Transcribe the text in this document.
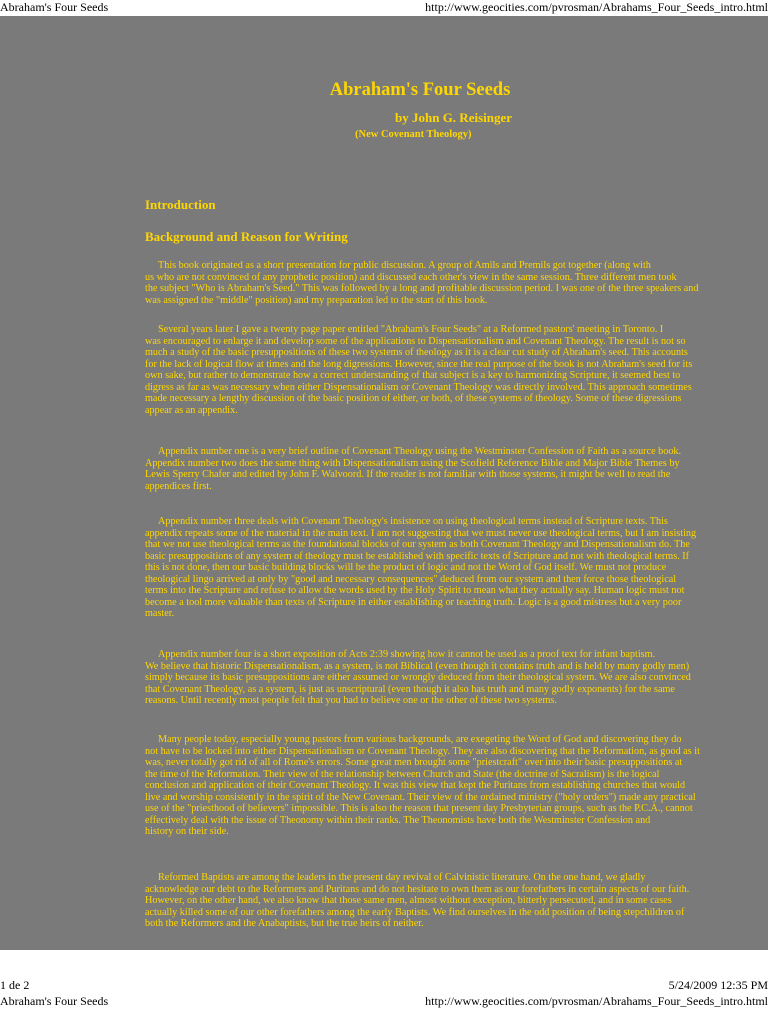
Abraham's Four Seeds	http://www.geocities.com/pvrosman/Abrahams_Four_Seeds_intro.html
Abraham's Four Seeds
by John G. Reisinger
(New Covenant Theology)
Introduction
Background and Reason for Writing
This book originated as a short presentation for public discussion. A group of Amils and Premils got together (along with
us who are not convinced of any prophetic position) and discussed each other's view in the same session. Three different men took
the subject "Who is Abraham's Seed." This was followed by a long and profitable discussion period. I was one of the three speakers and
was assigned the "middle" position) and my preparation led to the start of this book.
Several years later I gave a twenty page paper entitled "Abraham's Four Seeds" at a Reformed pastors' meeting in Toronto. I
was encouraged to enlarge it and develop some of the applications to Dispensationalism and Covenant Theology. The result is not so
much a study of the basic presuppositions of these two systems of theology as it is a clear cut study of Abraham's seed. This accounts
for the lack of logical flow at times and the long digressions. However, since the real purpose of the book is not Abraham's seed for its
own sake, but rather to demonstrate how a correct understanding of that subject is a key to harmonizing Scripture, it seemed best to
digress as far as was necessary when either Dispensationalism or Covenant Theology was directly involved. This approach sometimes
made necessary a lengthy discussion of the basic position of either, or both, of these systems of theology. Some of these digressions
appear as an appendix.
Appendix number one is a very brief outline of Covenant Theology using the Westminster Confession of Faith as a source book.
Appendix number two does the same thing with Dispensationalism using the Scofield Reference Bible and Major Bible Themes by
Lewis Sperry Chafer and edited by John F. Walvoord. If the reader is not familiar with those systems, it might be well to read the
appendices first.
Appendix number three deals with Covenant Theology's insistence on using theological terms instead of Scripture texts. This
appendix repeats some of the material in the main text. I am not suggesting that we must never use theological terms, but I am insisting
that we not use theological terms as the foundational blocks of our system as both Covenant Theology and Dispensationalism do. The
basic presuppositions of any system of theology must be established with specific texts of Scripture and not with theological terms. If
this is not done, then our basic building blocks will be the product of logic and not the Word of God itself. We must not produce
theological lingo arrived at only by "good and necessary consequences" deduced from our system and then force those theological
terms into the Scripture and refuse to allow the words used by the Holy Spirit to mean what they actually say. Human logic must not
become a tool more valuable than texts of Scripture in either establishing or teaching truth. Logic is a good mistress but a very poor
master.
Appendix number four is a short exposition of Acts 2:39 showing how it cannot be used as a proof text for infant baptism.
We believe that historic Dispensationalism, as a system, is not Biblical (even though it contains truth and is held by many godly men)
simply because its basic presuppositions are either assumed or wrongly deduced from their theological system. We are also convinced
that Covenant Theology, as a system, is just as unscriptural (even though it also has truth and many godly exponents) for the same
reasons. Until recently most people felt that you had to believe one or the other of these two systems.
Many people today, especially young pastors from various backgrounds, are exegeting the Word of God and discovering they do
not have to be locked into either Dispensationalism or Covenant Theology. They are also discovering that the Reformation, as good as it
was, never totally got rid of all of Rome's errors. Some great men brought some "priestcraft" over into their basic presuppositions at
the time of the Reformation. Their view of the relationship between Church and State (the doctrine of Sacralism) is the logical
conclusion and application of their Covenant Theology. It was this view that kept the Puritans from establishing churches that would
live and worship consistently in the spirit of the New Covenant. Their view of the ordained ministry ("holy orders") made any practical
use of the "priesthood of believers" impossible. This is also the reason that present day Presbyterian groups, such as the P.C.A., cannot
effectively deal with the issue of Theonomy within their ranks. The Theonomists have both the Westminster Confession and
history on their side.
Reformed Baptists are among the leaders in the present day revival of Calvinistic literature. On the one hand, we gladly
acknowledge our debt to the Reformers and Puritans and do not hesitate to own them as our forefathers in certain aspects of our faith.
However, on the other hand, we also know that those same men, almost without exception, bitterly persecuted, and in some cases
actually killed some of our other forefathers among the early Baptists. We find ourselves in the odd position of being stepchildren of
both the Reformers and the Anabaptists, but the true heirs of neither.
1 de 2	5/24/2009 12:35 PM
Abraham's Four Seeds	http://www.geocities.com/pvrosman/Abrahams_Four_Seeds_intro.html
